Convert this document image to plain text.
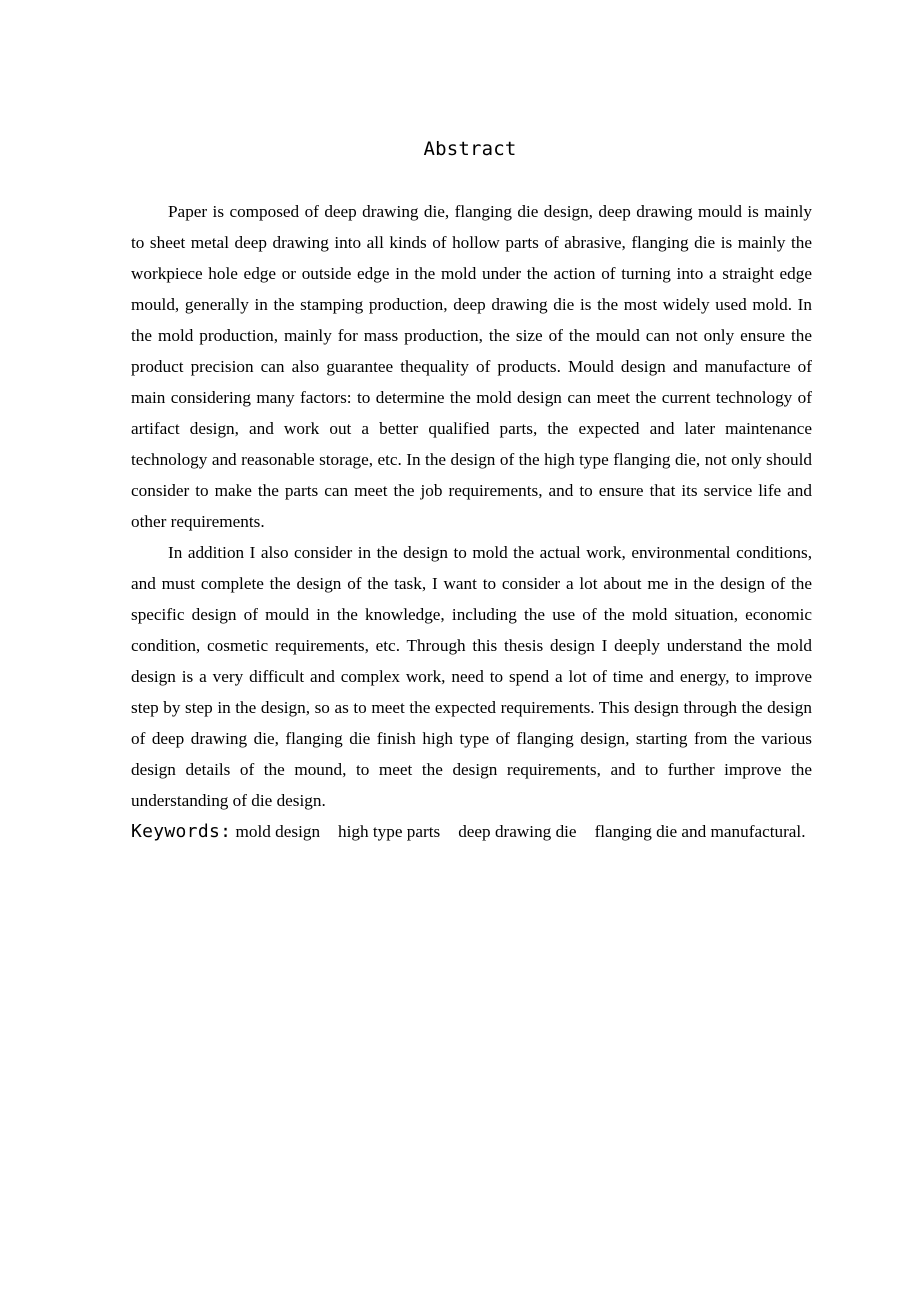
Abstract

Paper is composed of deep drawing die, flanging die design, deep drawing mould is mainly to sheet metal deep drawing into all kinds of hollow parts of abrasive, flanging die is mainly the workpiece hole edge or outside edge in the mold under the action of turning into a straight edge mould, generally in the stamping production, deep drawing die is the most widely used mold. In the mold production, mainly for mass production, the size of the mould can not only ensure the product precision can also guarantee thequality of products. Mould design and manufacture of main considering many factors: to determine the mold design can meet the current technology of artifact design, and work out a better qualified parts, the expected and later maintenance technology and reasonable storage, etc. In the design of the high type flanging die, not only should consider to make the parts can meet the job requirements, and to ensure that its service life and other requirements.

In addition I also consider in the design to mold the actual work, environmental conditions, and must complete the design of the task, I want to consider a lot about me in the design of the specific design of mould in the knowledge, including the use of the mold situation, economic condition, cosmetic requirements, etc. Through this thesis design I deeply understand the mold design is a very difficult and complex work, need to spend a lot of time and energy, to improve step by step in the design, so as to meet the expected requirements. This design through the design of deep drawing die, flanging die finish high type of flanging design, starting from the various design details of the mound, to meet the design requirements, and to further improve the understanding of die design.

Keywords: mold design high type parts deep drawing die flanging die and manufactural.
